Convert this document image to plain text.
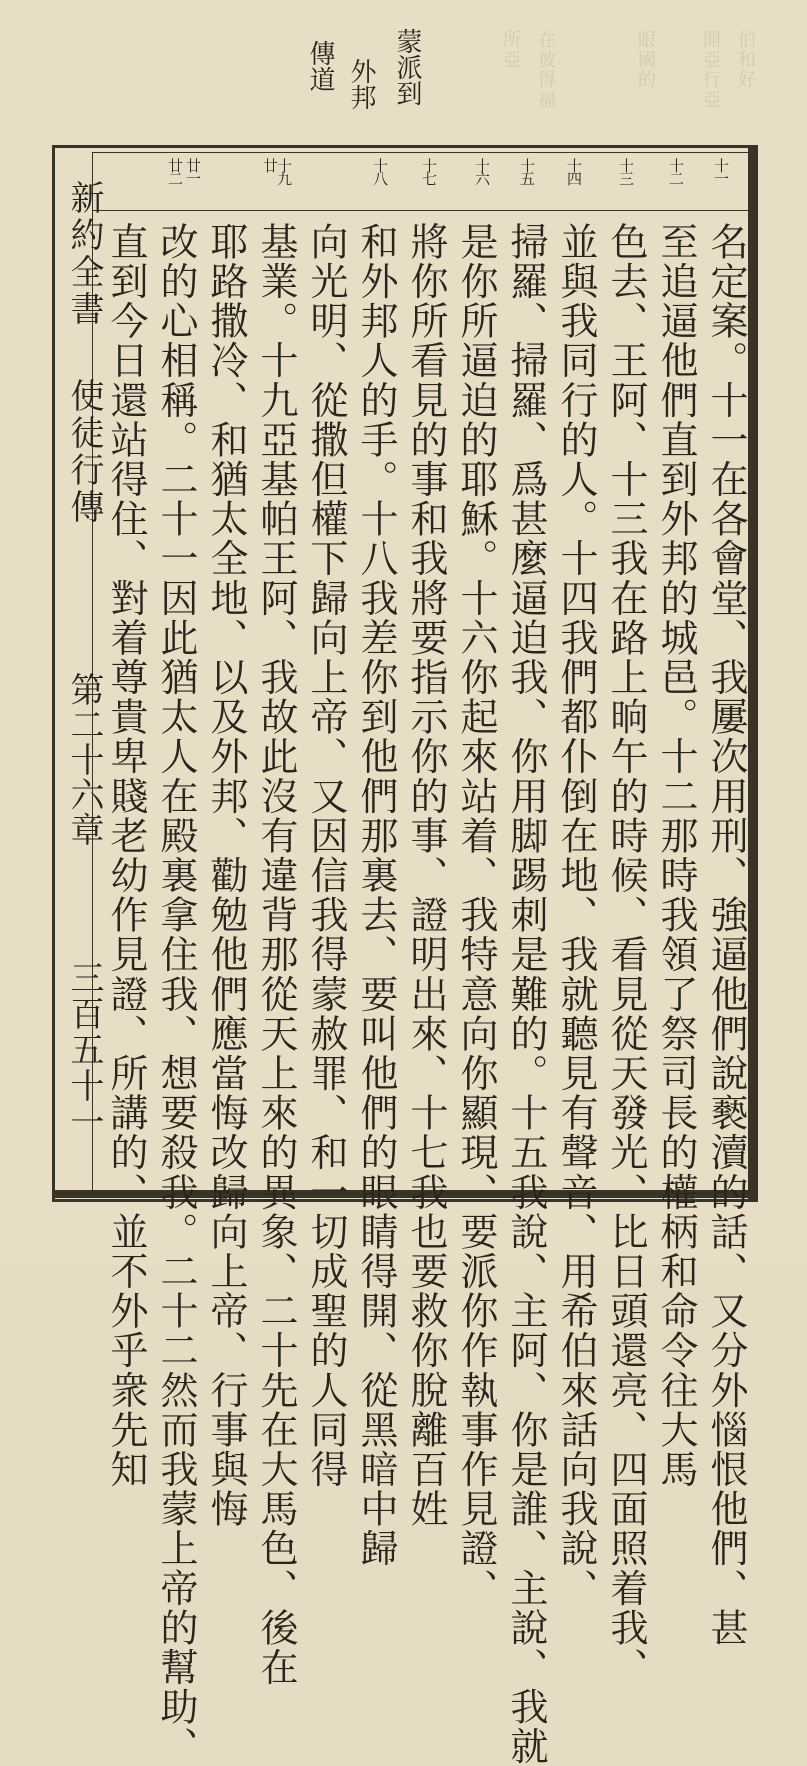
伯和好
開亞行亞
眼國的
在彼得福
所亞
蒙派到
外邦
傳道
新約全書
使徒行傳
第二十六章
三百五十一
十一
十二
十三
十四
十五
十六
十七
十八
十九
廿
廿一
廿二
名定案。十一在各會堂、我屢次用刑、強逼他們說褻瀆的話、又分外惱恨他們、甚
至追逼他們直到外邦的城邑。十二那時我領了祭司長的權柄和命令往大馬
色去、王阿、十三我在路上晌午的時候、看見從天發光、比日頭還亮、四面照着我、
並與我同行的人。十四我們都仆倒在地、我就聽見有聲音、用希伯來話向我說、
掃羅、掃羅、爲甚麼逼迫我、你用脚踢刺是難的。十五我說、主阿、你是誰、主說、我就
是你所逼迫的耶穌。十六你起來站着、我特意向你顯現、要派你作執事作見證、
將你所看見的事和我將要指示你的事、證明出來、十七我也要救你脫離百姓
和外邦人的手。十八我差你到他們那裏去、要叫他們的眼睛得開、從黑暗中歸
向光明、從撒但權下歸向上帝、又因信我得蒙赦罪、和一切成聖的人同得
基業。十九亞基帕王阿、我故此沒有違背那從天上來的異象、二十先在大馬色、後在
耶路撒冷、和猶太全地、以及外邦、勸勉他們應當悔改歸向上帝、行事與悔
改的心相稱。二十一因此猶太人在殿裏拿住我、想要殺我。二十二然而我蒙上帝的幫助、
直到今日還站得住、對着尊貴卑賤老幼作見證、所講的、並不外乎衆先知
